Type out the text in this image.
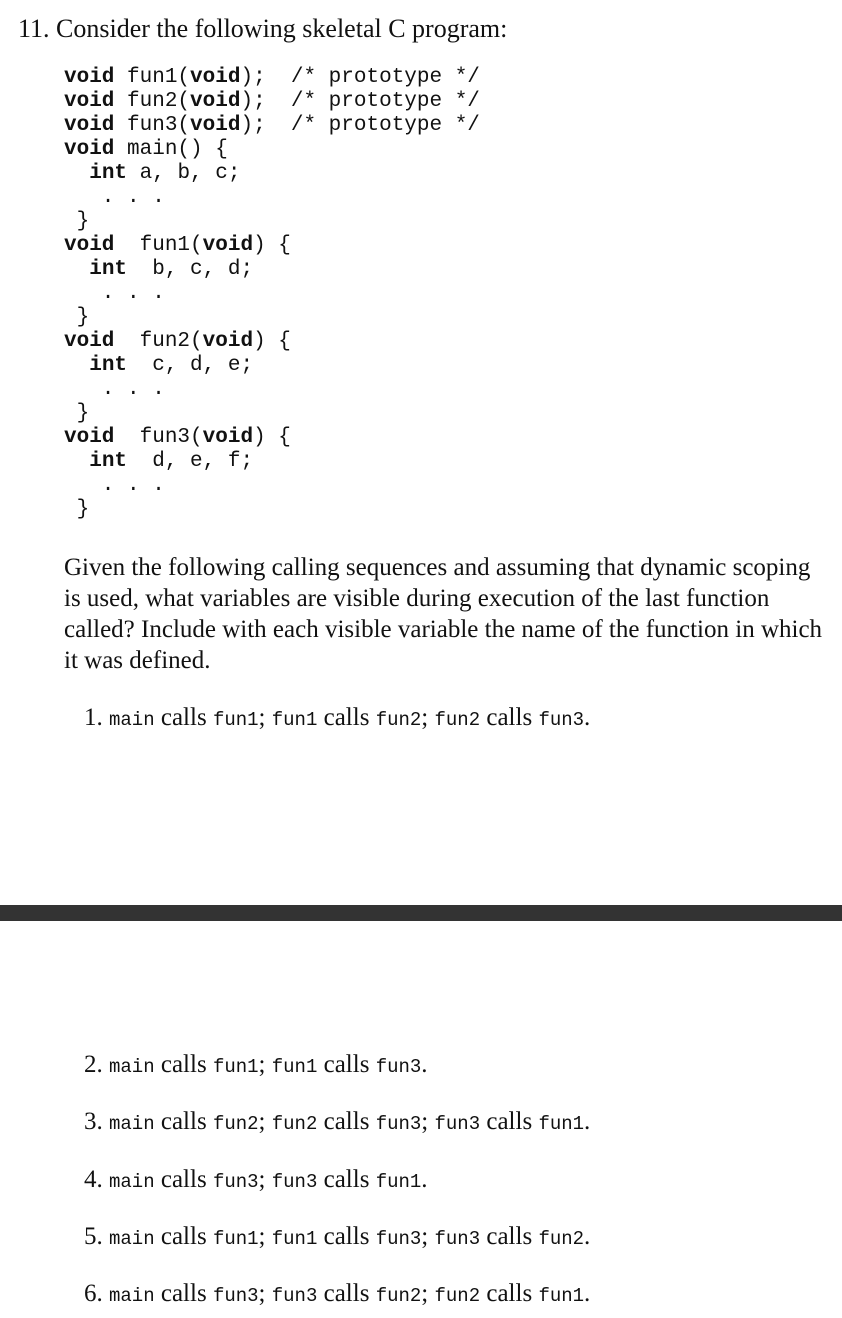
11. Consider the following skeletal C program:
void fun1(void);  /* prototype */
void fun2(void);  /* prototype */
void fun3(void);  /* prototype */
void main() {
int a, b, c;
. . .
}
void  fun1(void) {
int  b, c, d;
. . .
}
void  fun2(void) {
int  c, d, e;
. . .
}
void  fun3(void) {
int  d, e, f;
. . .
}
Given the following calling sequences and assuming that dynamic scoping is used, what variables are visible during execution of the last function called? Include with each visible variable the name of the function in which it was defined.
1. main calls fun1; fun1 calls fun2; fun2 calls fun3.
2. main calls fun1; fun1 calls fun3.
3. main calls fun2; fun2 calls fun3; fun3 calls fun1.
4. main calls fun3; fun3 calls fun1.
5. main calls fun1; fun1 calls fun3; fun3 calls fun2.
6. main calls fun3; fun3 calls fun2; fun2 calls fun1.
